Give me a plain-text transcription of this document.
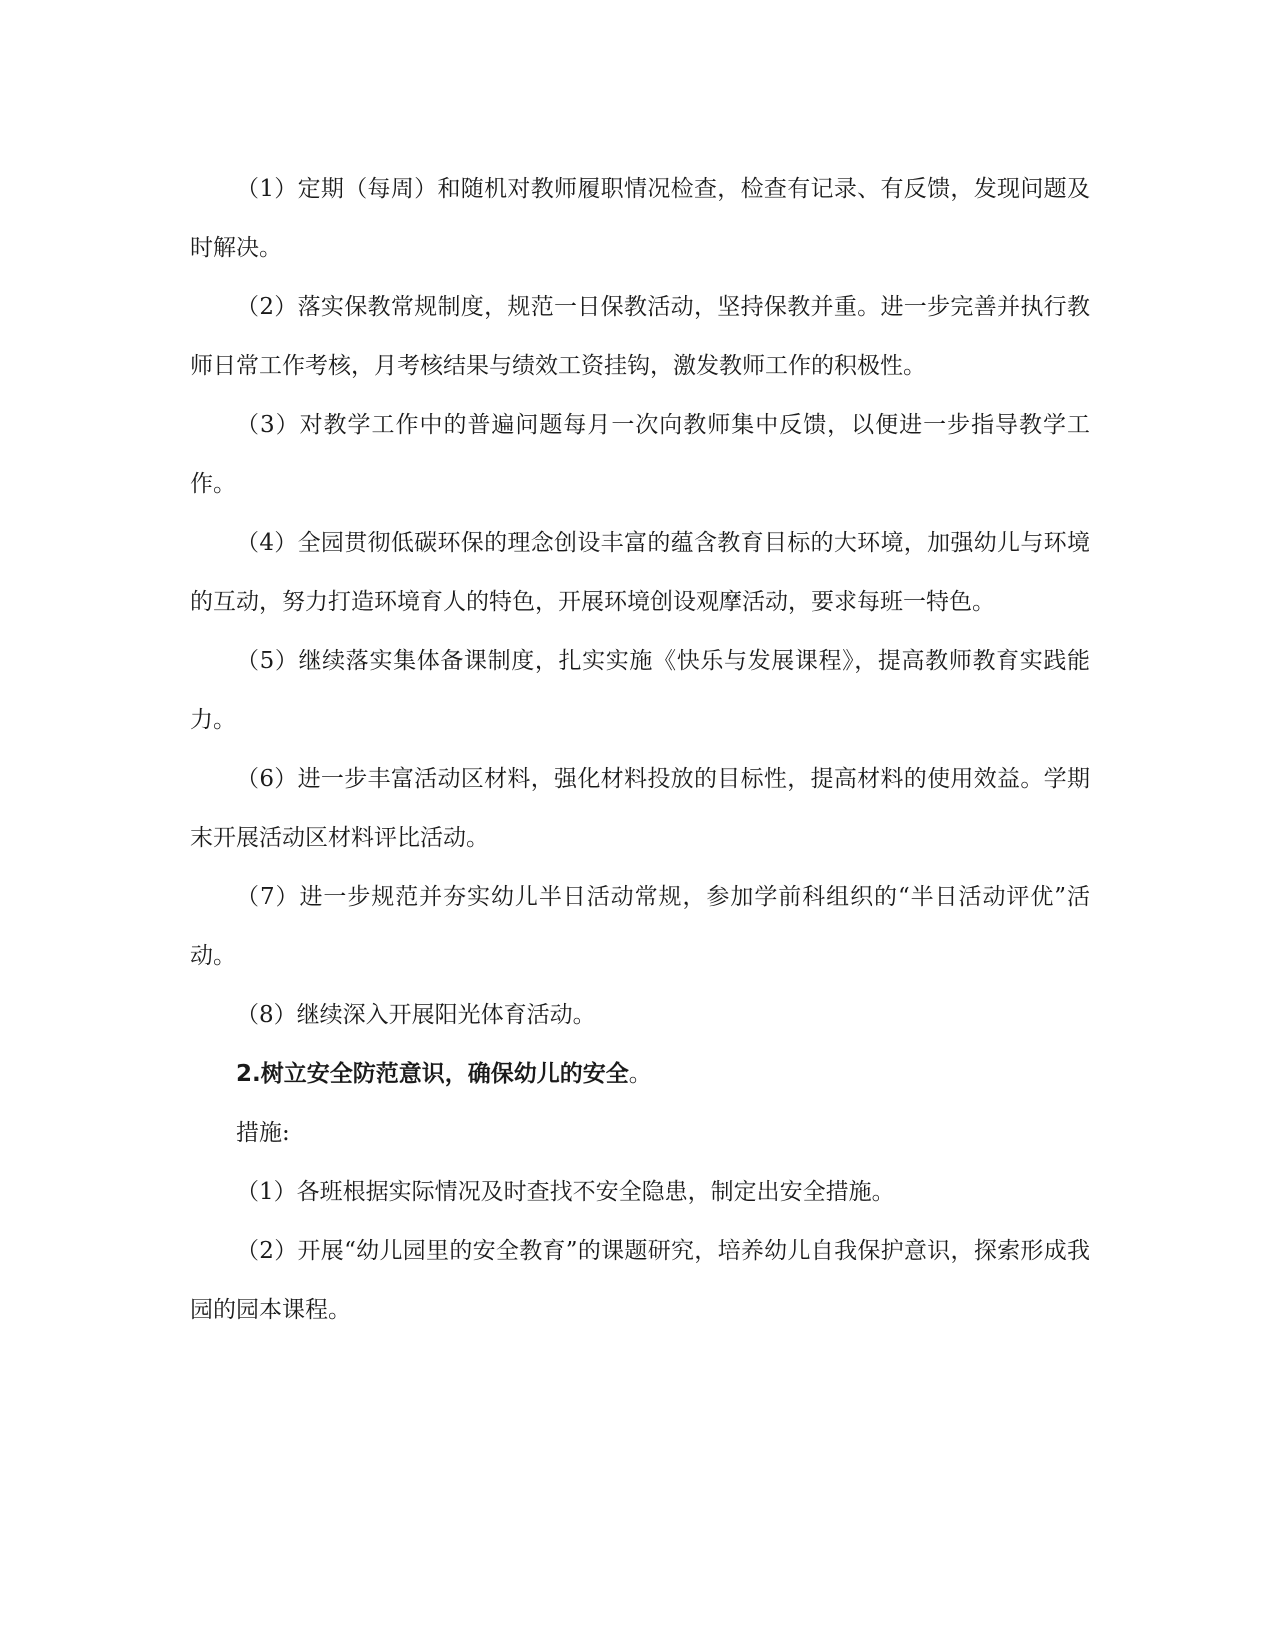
（1）定期（每周）和随机对教师履职情况检查，检查有记录、有反馈，发现问题及时解决。

（2）落实保教常规制度，规范一日保教活动，坚持保教并重。进一步完善并执行教师日常工作考核，月考核结果与绩效工资挂钩，激发教师工作的积极性。

（3）对教学工作中的普遍问题每月一次向教师集中反馈，以便进一步指导教学工作。

（4）全园贯彻低碳环保的理念创设丰富的蕴含教育目标的大环境，加强幼儿与环境的互动，努力打造环境育人的特色，开展环境创设观摩活动，要求每班一特色。

（5）继续落实集体备课制度，扎实实施《快乐与发展课程》，提高教师教育实践能力。

（6）进一步丰富活动区材料，强化材料投放的目标性，提高材料的使用效益。学期末开展活动区材料评比活动。

（7）进一步规范并夯实幼儿半日活动常规，参加学前科组织的“半日活动评优”活动。

（8）继续深入开展阳光体育活动。

2.树立安全防范意识，确保幼儿的安全。

措施:

（1）各班根据实际情况及时查找不安全隐患，制定出安全措施。

（2）开展“幼儿园里的安全教育”的课题研究，培养幼儿自我保护意识，探索形成我园的园本课程。
